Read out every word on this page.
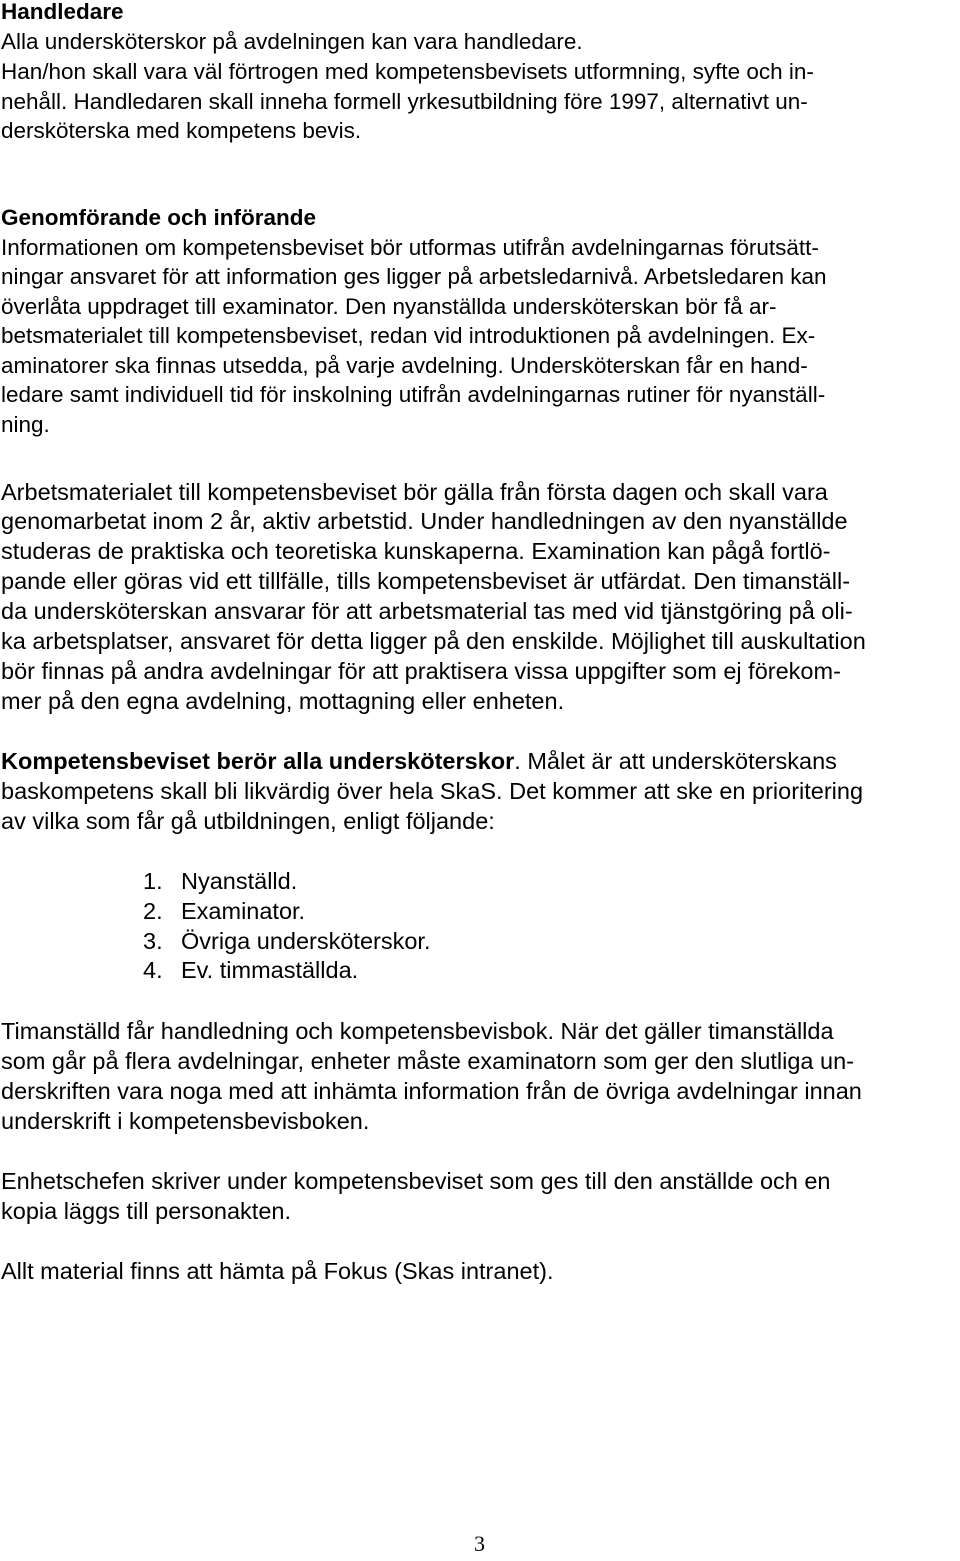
Handledare
Alla undersköterskor på avdelningen kan vara handledare.
Han/hon skall vara väl förtrogen med kompetensbevisets utformning, syfte och in-
nehåll. Handledaren skall inneha formell yrkesutbildning före 1997, alternativt un-
dersköterska med kompetens bevis.
Genomförande och införande
Informationen om kompetensbeviset bör utformas utifrån avdelningarnas förutsätt-
ningar ansvaret för att information ges ligger på arbetsledarnivå. Arbetsledaren kan
överlåta uppdraget till examinator. Den nyanställda undersköterskan bör få ar-
betsmaterialet till kompetensbeviset, redan vid introduktionen på avdelningen. Ex-
aminatorer ska finnas utsedda, på varje avdelning. Undersköterskan får en hand-
ledare samt individuell tid för inskolning utifrån avdelningarnas rutiner för nyanställ-
ning.
Arbetsmaterialet till kompetensbeviset bör gälla från första dagen och skall vara
genomarbetat inom 2 år, aktiv arbetstid. Under handledningen av den nyanställde
studeras de praktiska och teoretiska kunskaperna. Examination kan pågå fortlö-
pande eller göras vid ett tillfälle, tills kompetensbeviset är utfärdat. Den timanställ-
da undersköterskan ansvarar för att arbetsmaterial tas med vid tjänstgöring på oli-
ka arbetsplatser, ansvaret för detta ligger på den enskilde. Möjlighet till auskultation
bör finnas på andra avdelningar för att praktisera vissa uppgifter som ej förekom-
mer på den egna avdelning, mottagning eller enheten.
Kompetensbeviset berör alla undersköterskor. Målet är att undersköterskans
baskompetens skall bli likvärdig över hela SkaS. Det kommer att ske en prioritering
av vilka som får gå utbildningen, enligt följande:
1. Nyanställd.
2. Examinator.
3. Övriga undersköterskor.
4. Ev. timmaställda.
Timanställd får handledning och kompetensbevisbok. När det gäller timanställda
som går på flera avdelningar, enheter måste examinatorn som ger den slutliga un-
derskriften vara noga med att inhämta information från de övriga avdelningar innan
underskrift i kompetensbevisboken.
Enhetschefen skriver under kompetensbeviset som ges till den anställde och en
kopia läggs till personakten.
Allt material finns att hämta på Fokus (Skas intranet).
3
